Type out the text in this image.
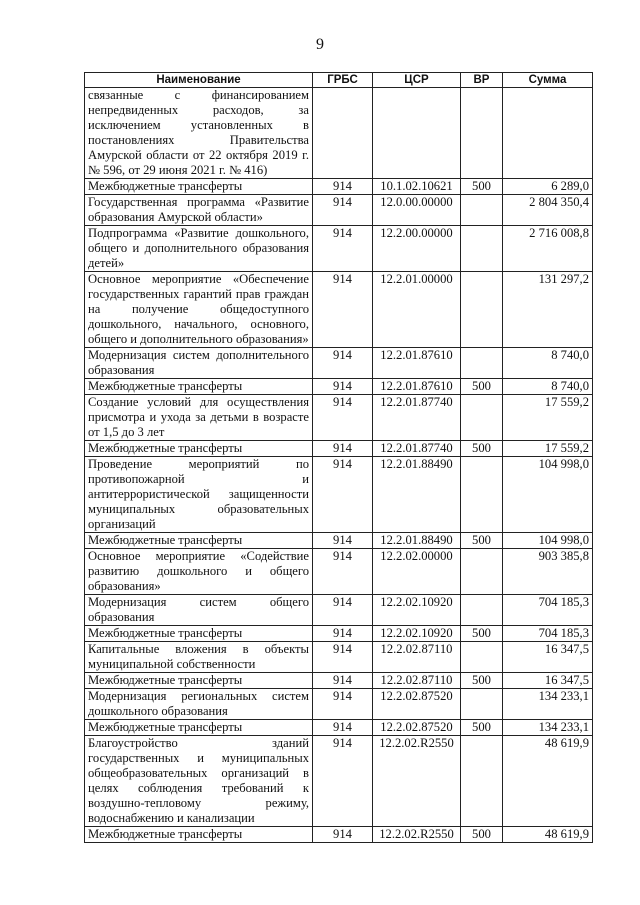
9
Наименование	ГРБС	ЦСР	ВР	Сумма
связанные с финансированием непредвиденных расходов, за исключением установленных в постановлениях Правительства Амурской области от 22 октября 2019 г. № 596, от 29 июня 2021 г. № 416)				
Межбюджетные трансферты	914	10.1.02.10621	500	6 289,0
Государственная программа «Развитие образования Амурской области»	914	12.0.00.00000		2 804 350,4
Подпрограмма «Развитие дошкольного, общего и дополнительного образования детей»	914	12.2.00.00000		2 716 008,8
Основное мероприятие «Обеспечение государственных гарантий прав граждан на получение общедоступного дошкольного, начального, основного, общего и дополнительного образования»	914	12.2.01.00000		131 297,2
Модернизация систем дополнительного образования	914	12.2.01.87610		8 740,0
Межбюджетные трансферты	914	12.2.01.87610	500	8 740,0
Создание условий для осуществления присмотра и ухода за детьми в возрасте от 1,5 до 3 лет	914	12.2.01.87740		17 559,2
Межбюджетные трансферты	914	12.2.01.87740	500	17 559,2
Проведение мероприятий по противопожарной и антитеррористической защищенности муниципальных образовательных организаций	914	12.2.01.88490		104 998,0
Межбюджетные трансферты	914	12.2.01.88490	500	104 998,0
Основное мероприятие «Содействие развитию дошкольного и общего образования»	914	12.2.02.00000		903 385,8
Модернизация систем общего образования	914	12.2.02.10920		704 185,3
Межбюджетные трансферты	914	12.2.02.10920	500	704 185,3
Капитальные вложения в объекты муниципальной собственности	914	12.2.02.87110		16 347,5
Межбюджетные трансферты	914	12.2.02.87110	500	16 347,5
Модернизация региональных систем дошкольного образования	914	12.2.02.87520		134 233,1
Межбюджетные трансферты	914	12.2.02.87520	500	134 233,1
Благоустройство зданий государственных и муниципальных общеобразовательных организаций в целях соблюдения требований к воздушно-тепловому режиму, водоснабжению и канализации	914	12.2.02.R2550		48 619,9
Межбюджетные трансферты	914	12.2.02.R2550	500	48 619,9
